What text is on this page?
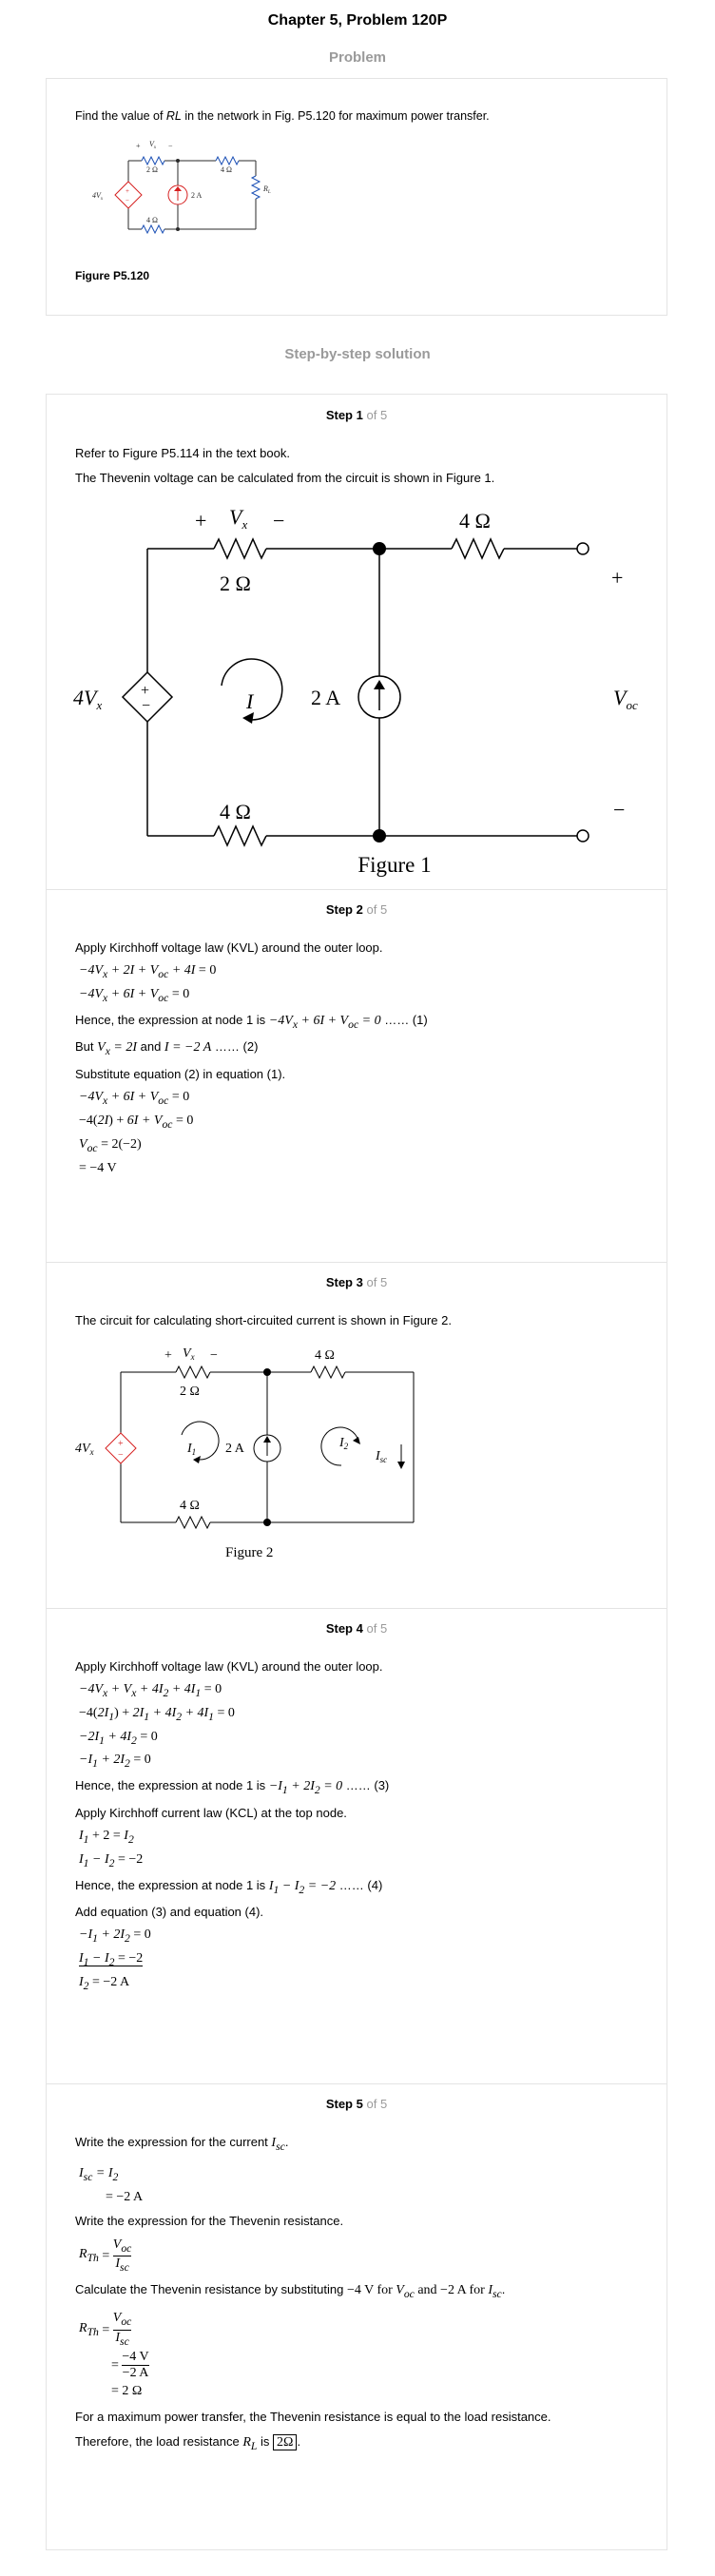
Chapter 5, Problem 120P
Problem
Find the value of RL in the network in Fig. P5.120 for maximum power transfer.
+ $V_x$ −
2 Ω	4 Ω
4 Ω
$4V_x$	2 A
$R_L$
+
−
Figure P5.120
Step-by-step solution
Step 1 of 5
Refer to Figure P5.114 in the text book.
The Thevenin voltage can be calculated from the circuit is shown in Figure 1.
+ $V_x$ −
2 Ω
4 Ω
4 Ω
$4V_x$	2 A
I	$V_{oc}$
+
−
+
−
Figure 1
Step 2 of 5
Apply Kirchhoff voltage law (KVL) around the outer loop.
$-4V_x + 2I + V_{oc} + 4I = 0$
$-4V_x + 6I + V_{oc} = 0$
Hence, the expression at node 1 is $-4V_x + 6I + V_{oc} = 0$ …… (1)
But $V_x = 2I$ and I = −2 A …… (2)
Substitute equation (2) in equation (1).
$-4V_x + 6I + V_{oc} = 0$
$-4(2I) + 6I + V_{oc} = 0$
$V_{oc} = 2(-2)$
= −4 V
Step 3 of 5
The circuit for calculating short-circuited current is shown in Figure 2.
+ $V_x$ −
2 Ω
4 Ω
4 Ω
$4V_x$	2 A
$I_1$
$I_2$
$I_{sc}$
+
−
Figure 2
Step 4 of 5
Apply Kirchhoff voltage law (KVL) around the outer loop.
$-4V_x + V_x + 4I_2 + 4I_1 = 0$
$-4(2I_1) + 2I_1 + 4I_2 + 4I_1 = 0$
$-2I_1 + 4I_2 = 0$
$-I_1 + 2I_2 = 0$
Hence, the expression at node 1 is $-I_1 + 2I_2 = 0$ …… (3)
Apply Kirchhoff current law (KCL) at the top node.
$I_1 + 2 = I_2$
$I_1 - I_2 = -2$
Hence, the expression at node 1 is $I_1 - I_2 = -2$ …… (4)
Add equation (3) and equation (4).
$-I_1 + 2I_2 = 0$
$I_1 - I_2 = -2$
$I_2 = -2$ A
Step 5 of 5
Write the expression for the current $I_{sc}$.
$I_{sc} = I_2$
= −2 A
Write the expression for the Thevenin resistance.
$R_{Th}$ =
$V_{oc}$
$I_{sc}$
Calculate the Thevenin resistance by substituting −4 V for $V_{oc}$ and −2 A for $I_{sc}$.
$R_{Th}$ =
$V_{oc}$
$I_{sc}$
=
−4 V
−2 A
= 2 Ω
For a maximum power transfer, the Thevenin resistance is equal to the load resistance.
Therefore, the load resistance $R_L$ is 2Ω .
